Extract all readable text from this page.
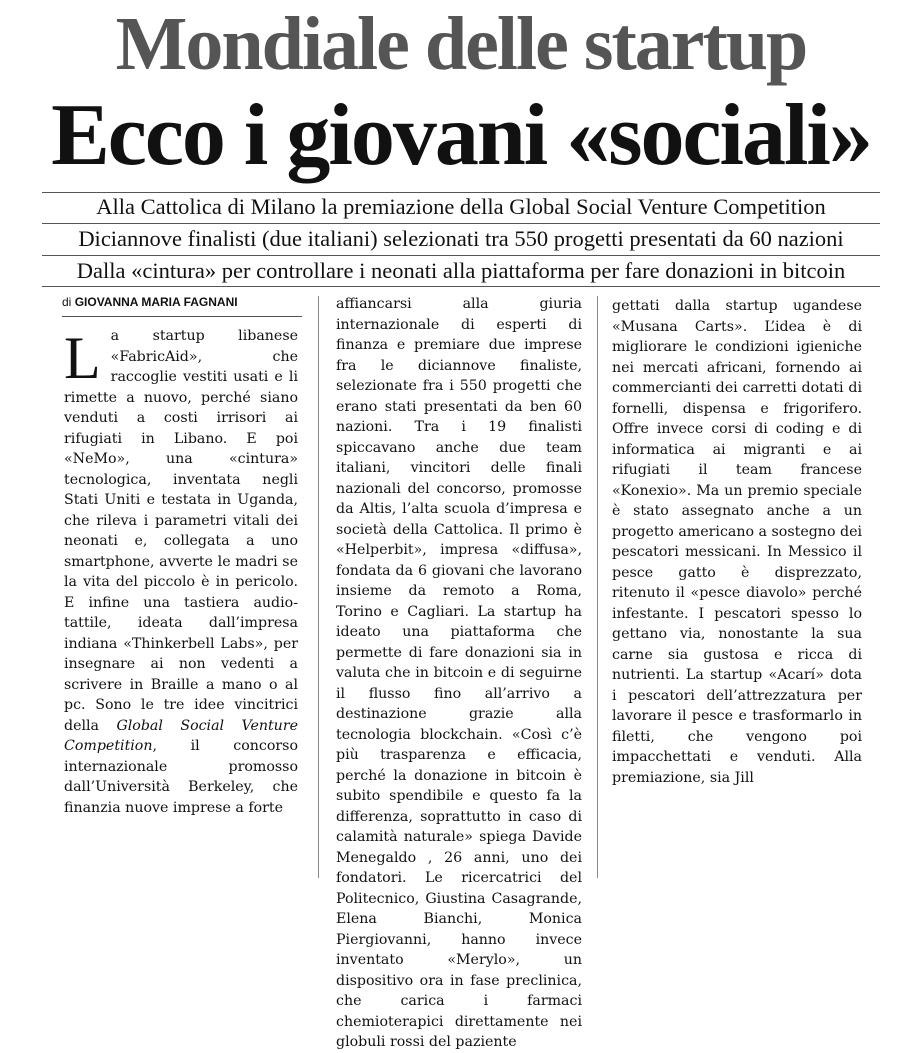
Mondiale delle startup
Ecco i giovani «sociali»
Alla Cattolica di Milano la premiazione della Global Social Venture Competition
Diciannove finalisti (due italiani) selezionati tra 550 progetti presentati da 60 nazioni
Dalla «cintura» per controllare i neonati alla piattaforma per fare donazioni in bitcoin
di GIOVANNA MARIA FAGNANI
La startup libanese «FabricAid», che raccoglie vestiti usati e li rimette a nuovo, perché siano venduti a costi irrisori ai rifugiati in Libano. E poi «NeMo», una «cintura» tecnologica, inventata negli Stati Uniti e testata in Uganda, che rileva i parametri vitali dei neonati e, collegata a uno smartphone, avverte le madri se la vita del piccolo è in pericolo. E infine una tastiera audio-tattile, ideata dall’impresa indiana «Thinkerbell Labs», per insegnare ai non vedenti a scrivere in Braille a mano o al pc. Sono le tre idee vincitrici della Global Social Venture Competition, il concorso internazionale promosso dall’Università Berkeley, che finanzia nuove imprese a forte

affiancarsi alla giuria internazionale di esperti di finanza e premiare due imprese fra le diciannove finaliste, selezionate fra i 550 progetti che erano stati presentati da ben 60 nazioni. Tra i 19 finalisti spiccavano anche due team italiani, vincitori delle finali nazionali del concorso, promosse da Altis, l’alta scuola d’impresa e società della Cattolica. Il primo è «Helperbit», impresa «diffusa», fondata da 6 giovani che lavorano insieme da remoto a Roma, Torino e Cagliari. La startup ha ideato una piattaforma che permette di fare donazioni sia in valuta che in bitcoin e di seguirne il flusso fino all’arrivo a destinazione grazie alla tecnologia blockchain. «Così c’è più trasparenza e efficacia, perché la donazione in bitcoin è subito spendibile e questo fa la differenza, soprattutto in caso di calamità naturale» spiega Davide Menegaldo , 26 anni, uno dei fondatori. Le ricercatrici del Politecnico, Giustina Casagrande, Elena Bianchi, Monica Piergiovanni, hanno invece inventato «Merylo», un dispositivo ora in fase preclinica, che carica i farmaci chemioterapici direttamente nei globuli rossi del paziente

gettati dalla startup ugandese «Musana Carts». L’idea è di migliorare le condizioni igieniche nei mercati africani, fornendo ai commercianti dei carretti dotati di fornelli, dispensa e frigorifero. Offre invece corsi di coding e di informatica ai migranti e ai rifugiati il team francese «Konexio». Ma un premio speciale è stato assegnato anche a un progetto americano a sostegno dei pescatori messicani. In Messico il pesce gatto è disprezzato, ritenuto il «pesce diavolo» perché infestante. I pescatori spesso lo gettano via, nonostante la sua carne sia gustosa e ricca di nutrienti. La startup «Acarí» dota i pescatori dell’attrezzatura per lavorare il pesce e trasformarlo in filetti, che vengono poi impacchettati e venduti. Alla premiazione, sia Jill
